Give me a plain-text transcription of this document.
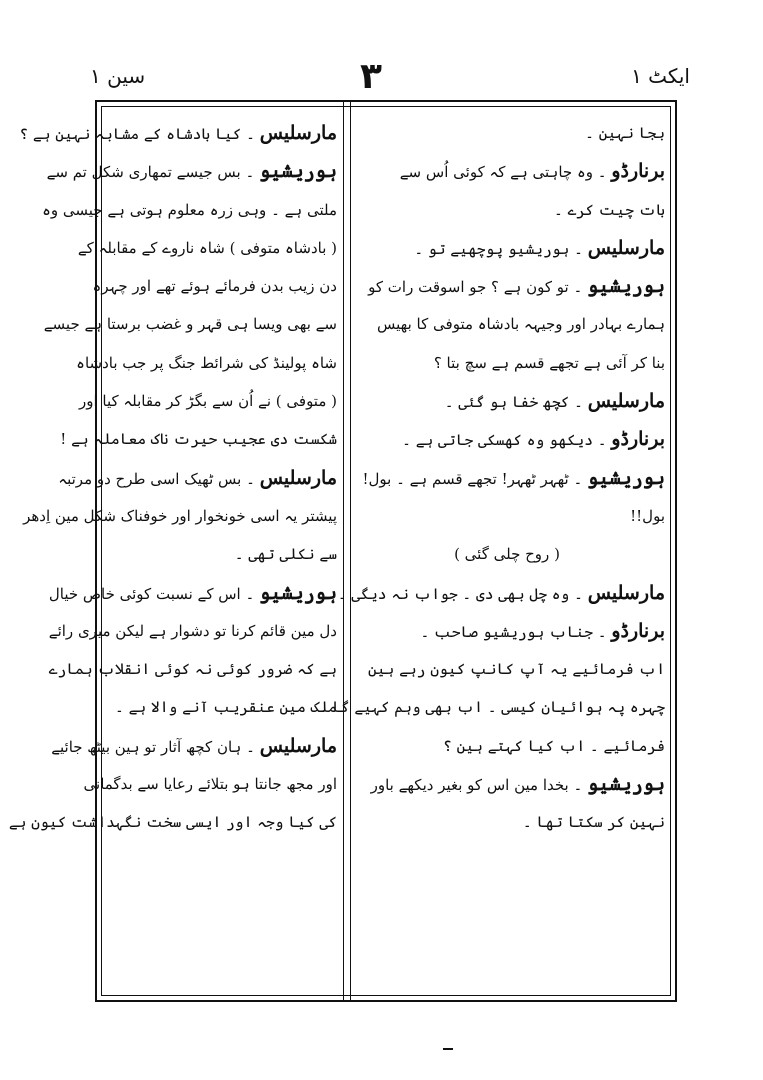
سین ۱	۳	ایکٹ ۱
بجا نہین ۔
برنارڈو ۔ وہ چاہتی ہے کہ کوئی اُس سے
بات چیت کرے ۔
مارسلیس ۔ ہوریشیو پوچھیے تو ۔
ہوریشیو ۔ تو کون ہے ؟ جو اسوقت رات کو
ہمارے بہادر اور وجیہہ بادشاہ متوفی کا بھیس
بنا کر آئی ہے تجھے قسم ہے سچ بتا ؟
مارسلیس ۔ کچھ خفا ہو گئی ۔
برنارڈو ۔ دیکھو وہ کھسکی جاتی ہے ۔
ہوریشیو ۔ ٹھہر ٹھہر! تجھے قسم ہے ۔ بول!
بول!!
( روح چلی گئی )
مارسلیس ۔ وہ چل بھی دی ۔ جواب نہ دیگی ۔
برنارڈو ۔ جناب ہوریشیو صاحب ۔
اب فرمائیے یہ آپ کانپ کیون رہے ہین
چہرہ پہ ہوائیان کیسی ۔ اب بھی وہم کہیے گا ۔
فرمائیے ۔ اب کیا کہتے ہین ؟
ہوریشیو ۔ بخدا مین اس کو بغیر دیکھے باور
نہین کر سکتا تھا ۔
مارسلیس ۔ کیا بادشاہ کے مشابہ نہین ہے ؟
ہوریشیو ۔ بس جیسے تمھاری شکل تم سے
ملتی ہے ۔ وہی زرہ معلوم ہوتی ہے جیسی وہ
( بادشاہ متوفی ) شاہ ناروے کے مقابلہ کے
دن زیب بدن فرمائے ہوئے تھے اور چہرہ
سے بھی ویسا ہی قہر و غضب برستا ہے جیسے
شاہ پولینڈ کی شرائط جنگ پر جب بادشاہ
( متوفی ) نے اُن سے بگڑ کر مقابلہ کیا اور
شکست دی عجیب حیرت ناک معاملہ ہے !
مارسلیس ۔ بس ٹھیک اسی طرح دو مرتبہ
پیشتر یہ اسی خونخوار اور خوفناک شکل مین اِدھر
سے نکلی تھی ۔
ہوریشیو ۔ اس کے نسبت کوئی خاص خیال
دل مین قائم کرنا تو دشوار ہے لیکن میری رائے
ہے کہ ضرور کوئی نہ کوئی انقلاب ہمارے
ملک مین عنقریب آنے والا ہے ۔
مارسلیس ۔ ہان کچھ آثار تو ہین بیٹھ جائیے
اور مجھ جانتا ہو بتلائے رعایا سے بدگمانی
کی کیا وجہ اور ایسی سخت نگہداشت کیون ہے
